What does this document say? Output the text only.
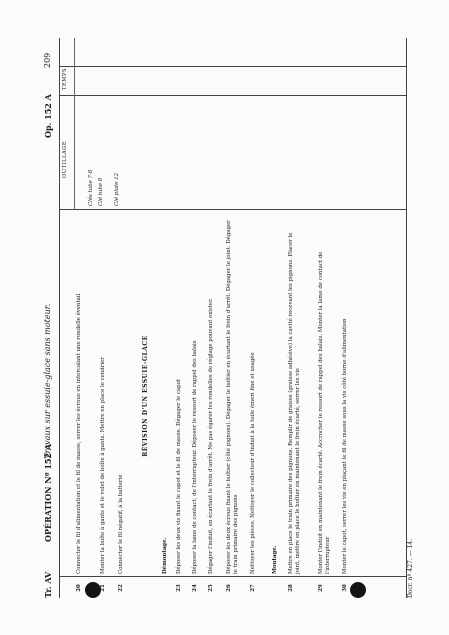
Tr. AV
OPÉRATION Nº 152 A
: Travaux sur essuie-glace sans moteur.
Op. 152 A
209
OUTILLAGE
TEMPS
20
Connecter le fil d'alimentation et le fil de masse, serrer les écrous en intercalant une rondelle éventail
Clés tube 7-8
21
Monter la boîte à gants et le volet de boîte à gants. Mettre en place le cendrier
Clé tube 8
22
Connecter le fil négatif, à la batterie
Clé plate 12
RÉVISION D'UN ESSUIE-GLACE
Démontage.
23
Déposer les deux vis fixant le capot et le fil de masse. Dégager le capot
24
Déposer la lame de contact, de l'interrupteur. Déposer le ressort de rappel des balais
25
Dégager l'induit, en écartant le frein d'arrêt. Ne pas égarer les rondelles de réglage pouvant exister.
26
Déposer les deux écrous fixant le boîtier (côté pignons). Dégager le boîtier en écartant le frein d'arrêt. Dégager le joint. Dégager le train primaire des pignons
27
Nettoyer les pièces. Nettoyer le collecteur d'induit à la toile émeri fine et usagée	Montage.
28
Mettre en place le train primaire des pignons. Remplir de graisse (graisse adhésive) la cavité recevant les pignons. Placer le joint, mettre en place le boîtier en maintenant le frein écarté, serrer les vis
29
Monter l'induit en maintenant le frein écarté. Accrocher le ressort de rappel des balais. Monter la lame de contact de l'interrupteur
30
Monter le capot, serrer les vis en plaçant le fil de masse sous la vis côté borne d'alimentation	Docr. nº 427. — 14.
